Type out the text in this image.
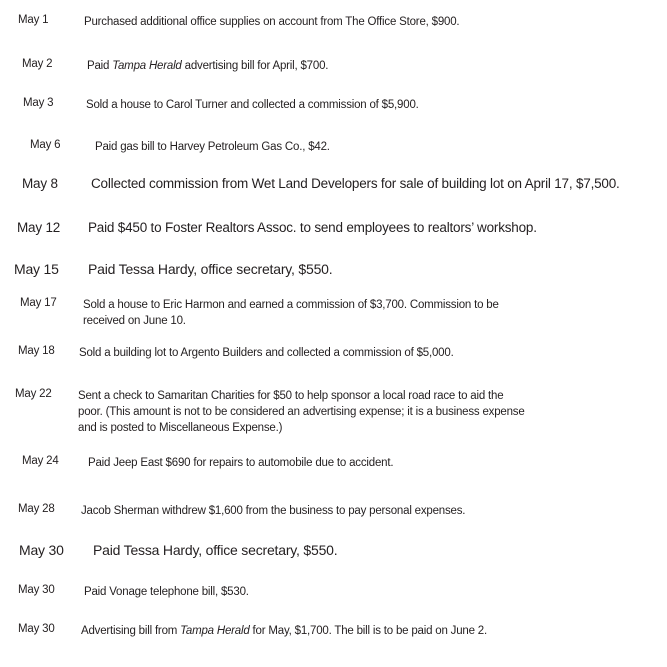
May 1	Purchased additional office supplies on account from The Office Store, $900.
May 2	Paid Tampa Herald advertising bill for April, $700.
May 3	Sold a house to Carol Turner and collected a commission of $5,900.
May 6	Paid gas bill to Harvey Petroleum Gas Co., $42.
May 8 Collected commission from Wet Land Developers for sale of building lot on April 17, $7,500.
May 12 Paid $450 to Foster Realtors Assoc. to send employees to realtors’ workshop.
May 15 Paid Tessa Hardy, office secretary, $550.
May 17 Sold a house to Eric Harmon and earned a commission of $3,700. Commission to be
received on June 10.
May 18 Sold a building lot to Argento Builders and collected a commission of $5,000.
May 22 Sent a check to Samaritan Charities for $50 to help sponsor a local road race to aid the
poor. (This amount is not to be considered an advertising expense; it is a business expense
and is posted to Miscellaneous Expense.)
May 24	Paid Jeep East $690 for repairs to automobile due to accident.
May 28 Jacob Sherman withdrew $1,600 from the business to pay personal expenses.
May 30 Paid Tessa Hardy, office secretary, $550.
May 30	Paid Vonage telephone bill, $530.
May 30 Advertising bill from Tampa Herald for May, $1,700. The bill is to be paid on June 2.
